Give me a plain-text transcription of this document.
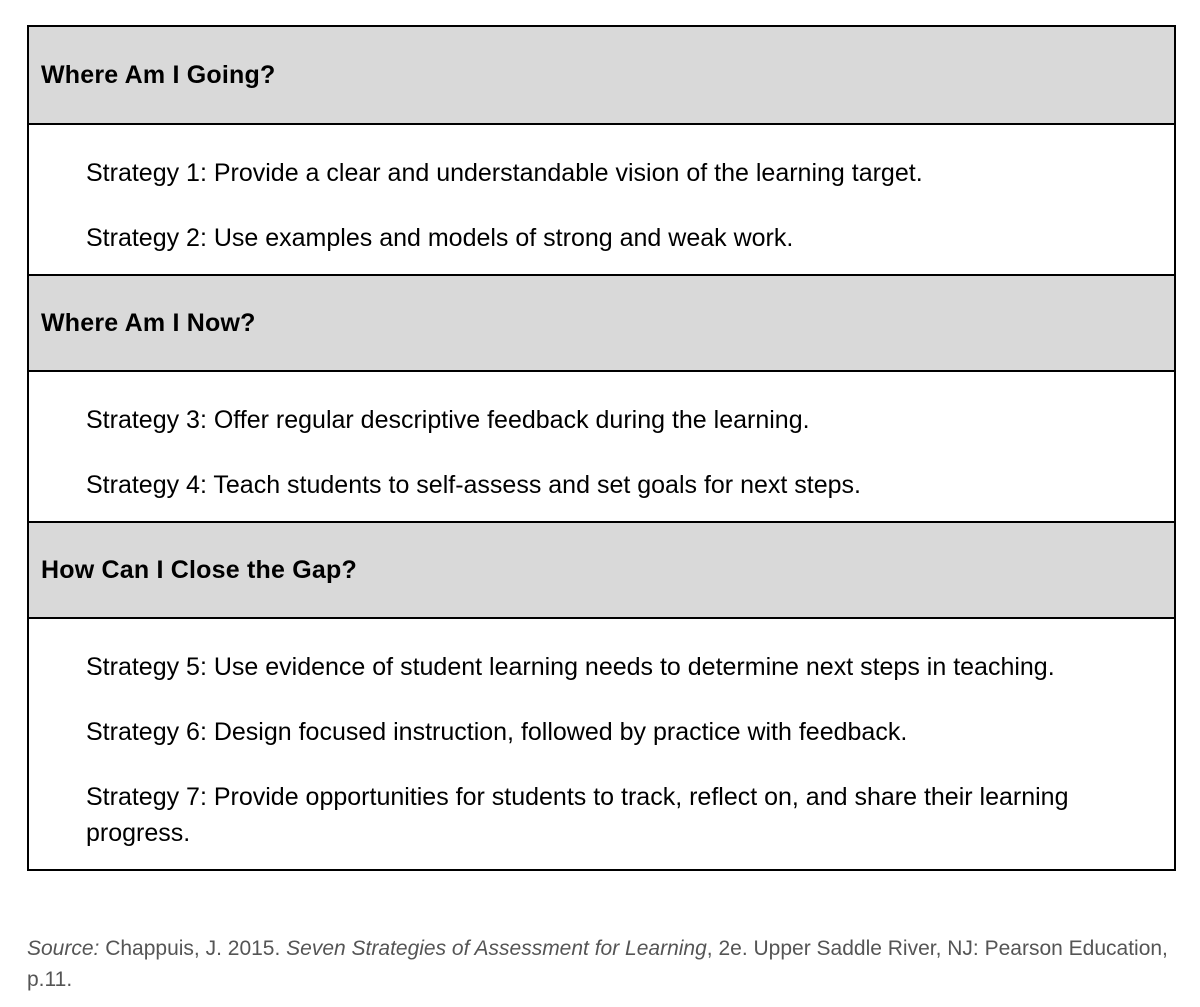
Where Am I Going?

Strategy 1: Provide a clear and understandable vision of the learning target.

Strategy 2: Use examples and models of strong and weak work.

Where Am I Now?

Strategy 3: Offer regular descriptive feedback during the learning.

Strategy 4: Teach students to self-assess and set goals for next steps.

How Can I Close the Gap?

Strategy 5: Use evidence of student learning needs to determine next steps in teaching.

Strategy 6: Design focused instruction, followed by practice with feedback.

Strategy 7: Provide opportunities for students to track, reflect on, and share their learning progress.

Source: Chappuis, J. 2015. Seven Strategies of Assessment for Learning, 2e. Upper Saddle River, NJ: Pearson Education, p.11.
